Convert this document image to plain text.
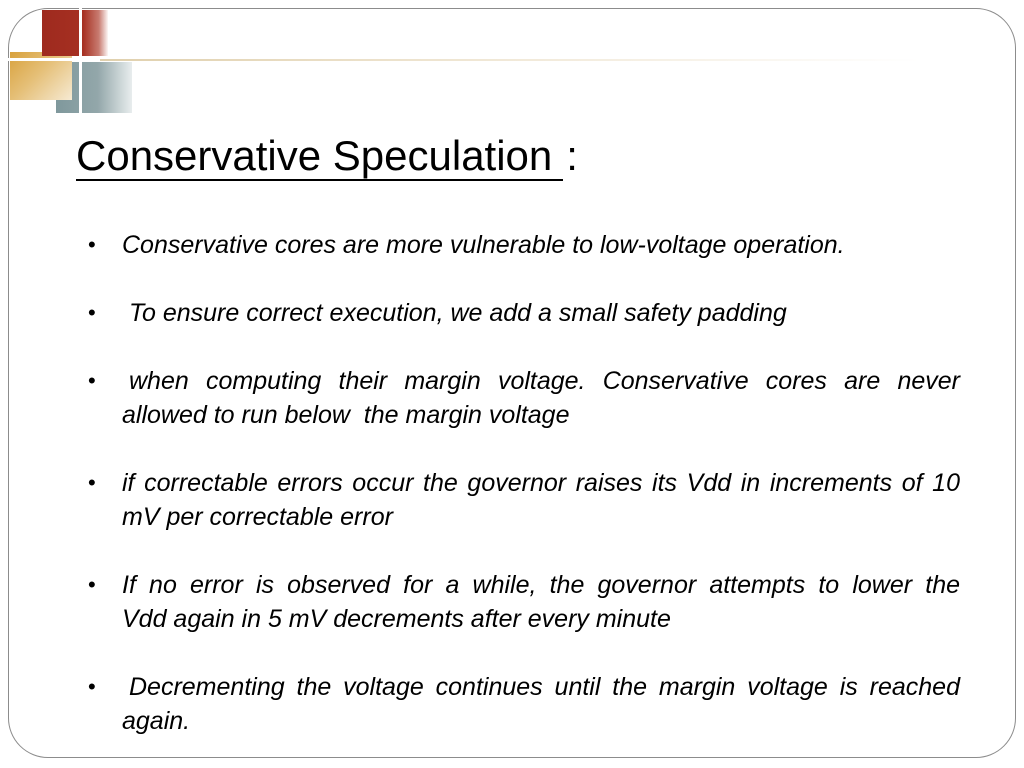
Conservative Speculation :
• Conservative cores are more vulnerable to low-voltage operation.
• To ensure correct execution, we add a small safety padding
• when computing their margin voltage. Conservative cores are never
allowed to run below  the margin voltage
• if correctable errors occur the governor raises its Vdd in increments of 10
mV per correctable error
• If no error is observed for a while, the governor attempts to lower the
Vdd again in 5 mV decrements after every minute
• Decrementing the voltage continues until the margin voltage is reached
again.
